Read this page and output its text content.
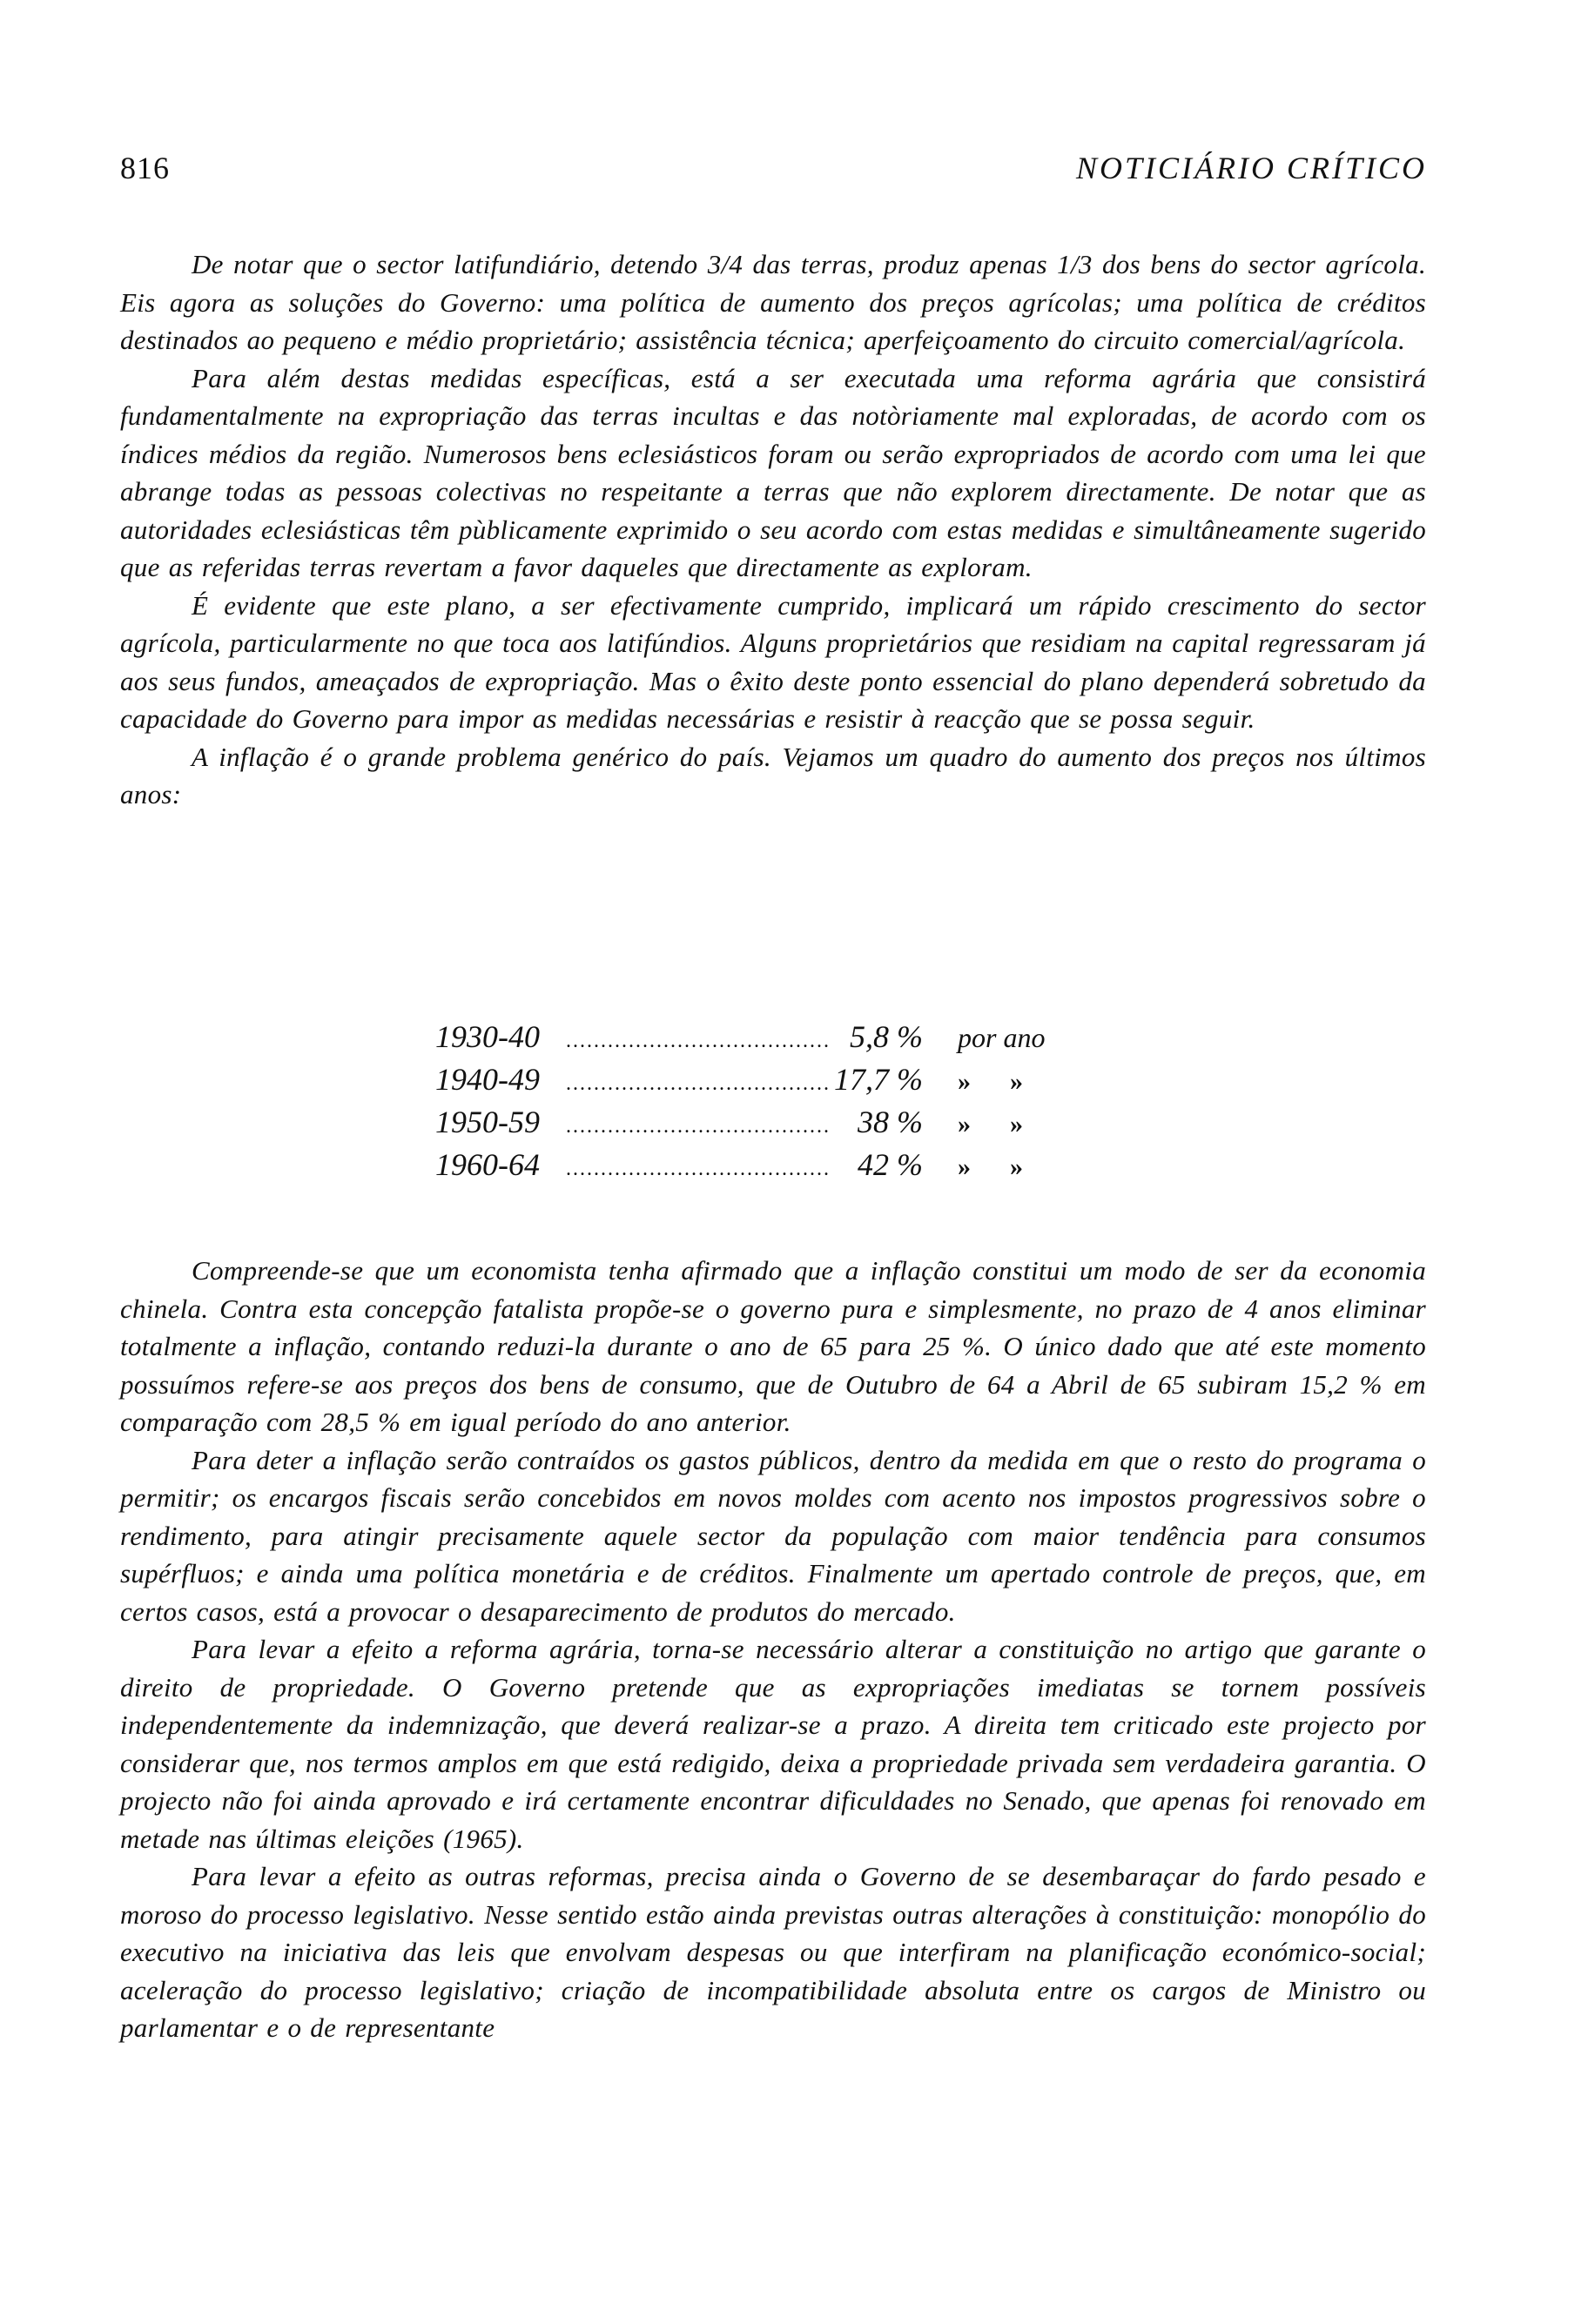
816	NOTICIÁRIO CRÍTICO

De notar que o sector latifundiário, detendo 3/4 das terras, produz apenas 1/3 dos bens do sector agrícola. Eis agora as soluções do Governo: uma política de aumento dos preços agrícolas; uma política de créditos destinados ao pequeno e médio proprietário; assistência técnica; aperfeiçoamento do circuito comercial/agrícola.

Para além destas medidas específicas, está a ser executada uma reforma agrária que consistirá fundamentalmente na expropriação das terras incultas e das notòriamente mal exploradas, de acordo com os índices médios da região. Numerosos bens eclesiásticos foram ou serão expropriados de acordo com uma lei que abrange todas as pessoas colectivas no respeitante a terras que não explorem directamente. De notar que as autoridades eclesiásticas têm pùblicamente exprimido o seu acordo com estas medidas e simultâneamente sugerido que as referidas terras revertam a favor daqueles que directamente as exploram.

É evidente que este plano, a ser efectivamente cumprido, implicará um rápido crescimento do sector agrícola, particularmente no que toca aos latifúndios. Alguns proprietários que residiam na capital regressaram já aos seus fundos, ameaçados de expropriação. Mas o êxito deste ponto essencial do plano dependerá sobretudo da capacidade do Governo para impor as medidas necessárias e resistir à reacção que se possa seguir.

A inflação é o grande problema genérico do país. Vejamos um quadro do aumento dos preços nos últimos anos:

1930-40	...................................... 5,8 %	por ano
1940-49	...................................... 17,7 %	» »
1950-59	...................................... 38 %	» »
1960-64	...................................... 42 %	» »

Compreende-se que um economista tenha afirmado que a inflação constitui um modo de ser da economia chinela. Contra esta concepção fatalista propõe-se o governo pura e simplesmente, no prazo de 4 anos eliminar totalmente a inflação, contando reduzi-la durante o ano de 65 para 25 %. O único dado que até este momento possuímos refere-se aos preços dos bens de consumo, que de Outubro de 64 a Abril de 65 subiram 15,2 % em comparação com 28,5 % em igual período do ano anterior.

Para deter a inflação serão contraídos os gastos públicos, dentro da medida em que o resto do programa o permitir; os encargos fiscais serão concebidos em novos moldes com acento nos impostos progressivos sobre o rendimento, para atingir precisamente aquele sector da população com maior tendência para consumos supérfluos; e ainda uma política monetária e de créditos. Finalmente um apertado controle de preços, que, em certos casos, está a provocar o desaparecimento de produtos do mercado.

Para levar a efeito a reforma agrária, torna-se necessário alterar a constituição no artigo que garante o direito de propriedade. O Governo pretende que as expropriações imediatas se tornem possíveis independentemente da indemnização, que deverá realizar-se a prazo. A direita tem criticado este projecto por considerar que, nos termos amplos em que está redigido, deixa a propriedade privada sem verdadeira garantia. O projecto não foi ainda aprovado e irá certamente encontrar dificuldades no Senado, que apenas foi renovado em metade nas últimas eleições (1965).

Para levar a efeito as outras reformas, precisa ainda o Governo de se desembaraçar do fardo pesado e moroso do processo legislativo. Nesse sentido estão ainda previstas outras alterações à constituição: monopólio do executivo na iniciativa das leis que envolvam despesas ou que interfiram na planificação económico-social; aceleração do processo legislativo; criação de incompatibilidade absoluta entre os cargos de Ministro ou parlamentar e o de representante
